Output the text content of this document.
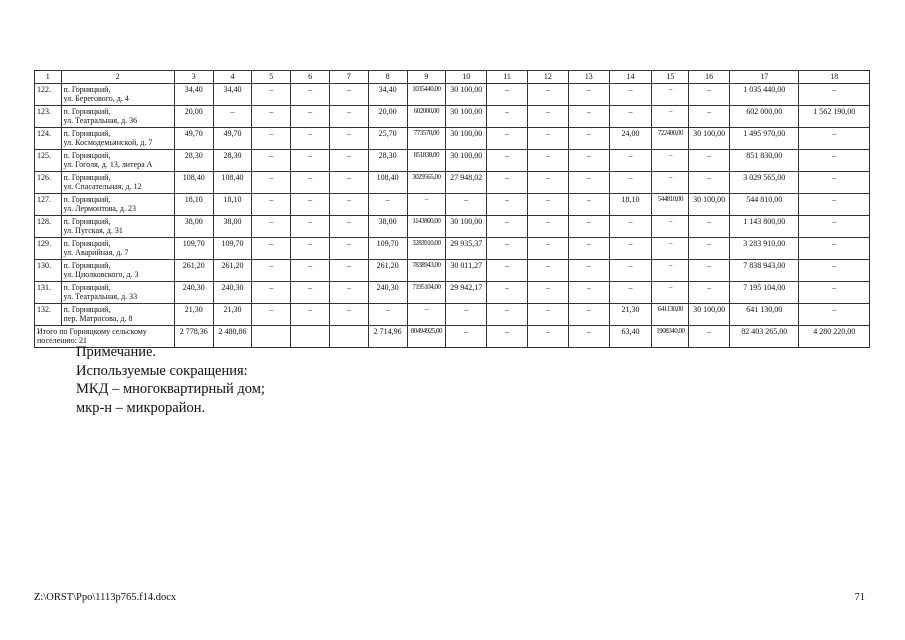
1	2	3	4	5	6	7	8	9	10	11	12	13	14	15	16	17	18
122.	п. Горняцкий,
ул. Берегового, д. 4	34,40	34,40	–	–	–	34,40	1035440,00	30 100,00	–	–	–	–	–	–	1 035 440,00	–
123.	п. Горняцкий,
ул. Театральная, д. 36	20,00	–	–	–	–	20,00	602000,00	30 100,00	–	–	–	–	–	–	602 000,00	1 562 190,00
124.	п. Горняцкий,
ул. Космодемьянской, д. 7	49,70	49,70	–	–	–	25,70	773570,00	30 100,00	–	–	–	24,00	722400,00	30 100,00	1 495 970,00	–
125.	п. Горняцкий,
ул. Гоголя, д. 13, литера А	28,30	28,30	–	–	–	28,30	851830,00	30 100,00	–	–	–	–	–	–	851 830,00	–
126.	п. Горняцкий,
ул. Спасательная, д. 12	108,40	108,40	–	–	–	108,40	3029565,00	27 948,02	–	–	–	–	–	–	3 029 565,00	–
127.	п. Горняцкий,
ул. Лермонтова, д. 23	18,10	18,10	–	–	–	–	–	–	–	–	–	18,10	544810,00	30 100,00	544 810,00	–
128.	п. Горняцкий,
ул. Пугская, д. 31	38,00	38,00	–	–	–	38,00	1143800,00	30 100,00	–	–	–	–	–	–	1 143 800,00	–
129.	п. Горняцкий,
ул. Аварийная, д. 7	109,70	109,70	–	–	–	109,70	3283910,00	29 935,37	–	–	–	–	–	–	3 283 910,00	–
130.	п. Горняцкий,
ул. Циолковского, д. 3	261,20	261,20	–	–	–	261,20	7838943,00	30 011,27	–	–	–	–	–	–	7 838 943,00	–
131.	п. Горняцкий,
ул. Театральная, д. 33	240,30	240,30	–	–	–	240,30	7195104,00	29 942,17	–	–	–	–	–	–	7 195 104,00	–
132.	п. Горняцкий,
пер. Матросова, д. 8	21,30	21,30	–	–	–	–	–	–	–	–	–	21,30	641130,00	30 100,00	641 130,00	–

Итого по Горняцкому сельскому
поселению: 21		2 778,36	2 480,86				2 714,96	80494925,00	–	–	–	–	63,40	1908340,00	–	82 403 265,00	4 280 220,00
Примечание.
Используемые сокращения:
МКД – многоквартирный дом;
мкр-н – микрорайон.
Z:\ORST\Ppo\1113p765.f14.docx	71
